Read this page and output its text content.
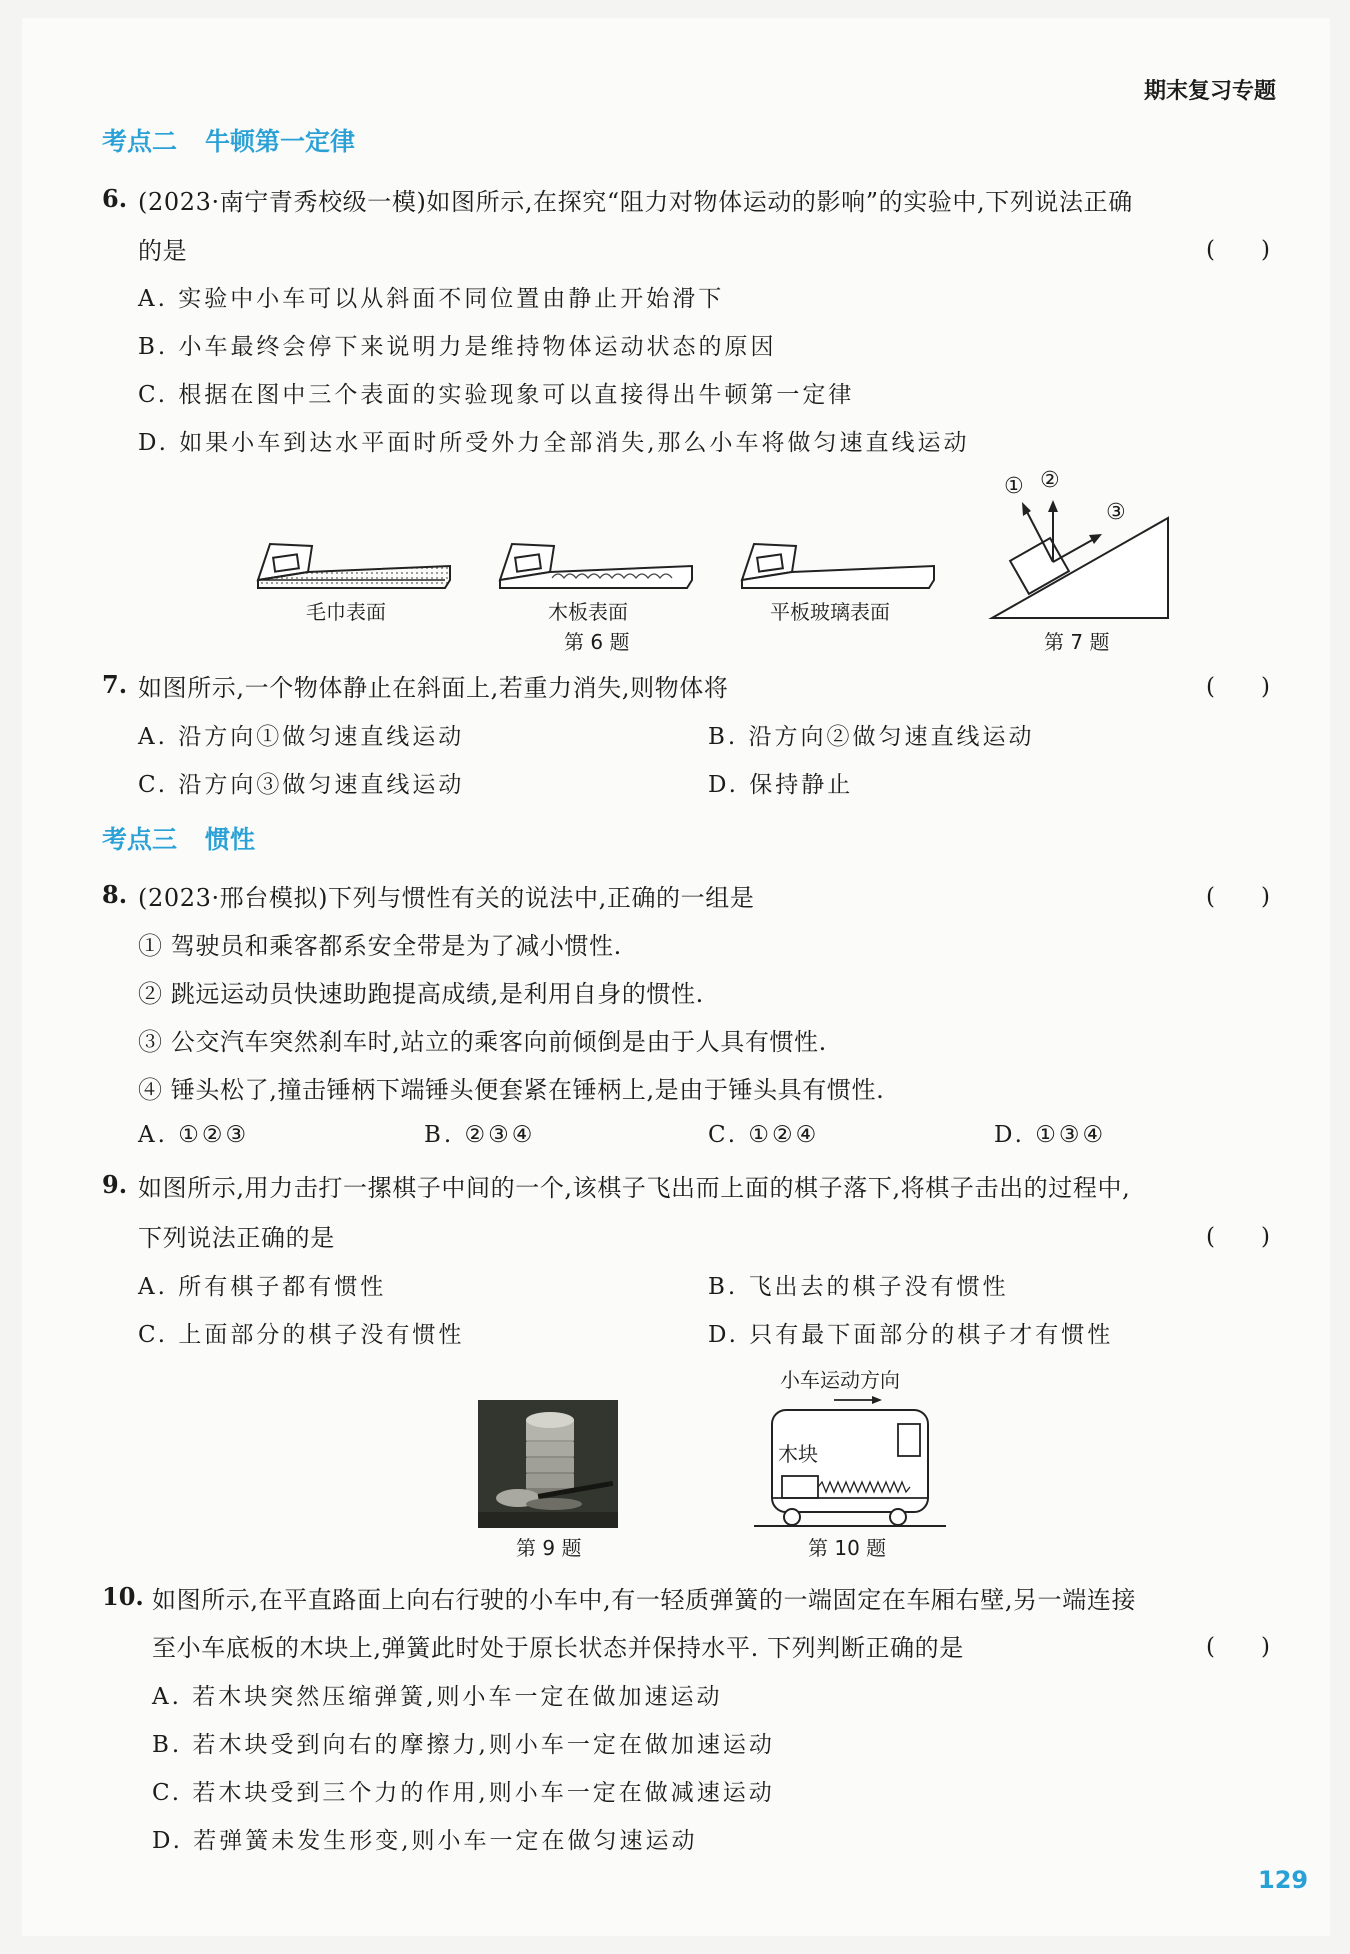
期末复习专题
考点二 牛顿第一定律
6. (2023·南宁青秀校级一模)如图所示,在探究“阻力对物体运动的影响”的实验中,下列说法正确
的是	(　　)
A. 实验中小车可以从斜面不同位置由静止开始滑下
B. 小车最终会停下来说明力是维持物体运动状态的原因
C. 根据在图中三个表面的实验现象可以直接得出牛顿第一定律
D. 如果小车到达水平面时所受外力全部消失,那么小车将做匀速直线运动
毛巾表面	木板表面	平板玻璃表面
第 6 题
① ②
③
第 7 题
7. 如图所示,一个物体静止在斜面上,若重力消失,则物体将	(　　)
A. 沿方向①做匀速直线运动	B. 沿方向②做匀速直线运动
C. 沿方向③做匀速直线运动	D. 保持静止
考点三 惯性
8. (2023·邢台模拟)下列与惯性有关的说法中,正确的一组是	(　　)
① 驾驶员和乘客都系安全带是为了减小惯性.
② 跳远运动员快速助跑提高成绩,是利用自身的惯性.
③ 公交汽车突然刹车时,站立的乘客向前倾倒是由于人具有惯性.
④ 锤头松了,撞击锤柄下端锤头便套紧在锤柄上,是由于锤头具有惯性.
A. ①②③	B. ②③④	C. ①②④	D. ①③④
9. 如图所示,用力击打一摞棋子中间的一个,该棋子飞出而上面的棋子落下,将棋子击出的过程中,
下列说法正确的是	(　　)
A. 所有棋子都有惯性	B. 飞出去的棋子没有惯性
C. 上面部分的棋子没有惯性	D. 只有最下面部分的棋子才有惯性
第 9 题
小车运动方向
木块
第 10 题
10. 如图所示,在平直路面上向右行驶的小车中,有一轻质弹簧的一端固定在车厢右壁,另一端连接
至小车底板的木块上,弹簧此时处于原长状态并保持水平. 下列判断正确的是	(　　)
A. 若木块突然压缩弹簧,则小车一定在做加速运动
B. 若木块受到向右的摩擦力,则小车一定在做加速运动
C. 若木块受到三个力的作用,则小车一定在做减速运动
D. 若弹簧未发生形变,则小车一定在做匀速运动
129
